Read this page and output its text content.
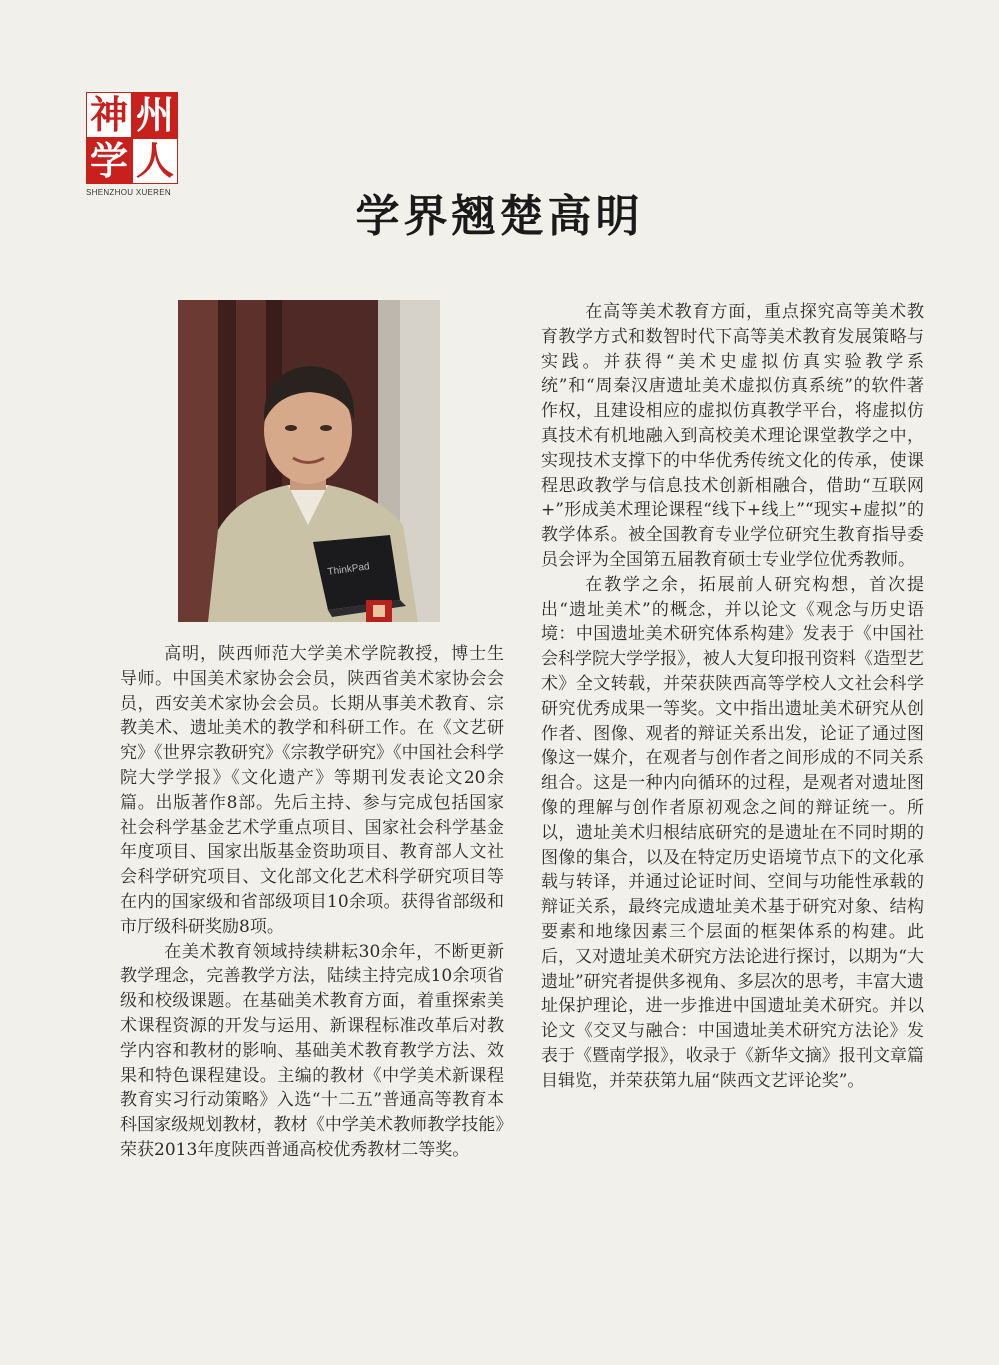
神 州
学 人
SHENZHOU XUEREN	学界翘楚高明
ThinkPad

高明，陕西师范大学美术学院教授，博士生导师。中国美术家协会会员，陕西省美术家协会会员，西安美术家协会会员。长期从事美术教育、宗教美术、遗址美术的教学和科研工作。在《文艺研究》《世界宗教研究》《宗教学研究》《中国社会科学院大学学报》《文化遗产》等期刊发表论文20余篇。出版著作8部。先后主持、参与完成包括国家社会科学基金艺术学重点项目、国家社会科学基金年度项目、国家出版基金资助项目、教育部人文社会科学研究项目、文化部文化艺术科学研究项目等在内的国家级和省部级项目10余项。获得省部级和市厅级科研奖励8项。

在美术教育领域持续耕耘30余年，不断更新教学理念，完善教学方法，陆续主持完成10余项省级和校级课题。在基础美术教育方面，着重探索美术课程资源的开发与运用、新课程标准改革后对教学内容和教材的影响、基础美术教育教学方法、效果和特色课程建设。主编的教材《中学美术新课程教育实习行动策略》入选“十二五”普通高等教育本科国家级规划教材，教材《中学美术教师教学技能》荣获2013年度陕西普通高校优秀教材二等奖。

在高等美术教育方面，重点探究高等美术教育教学方式和数智时代下高等美术教育发展策略与实践。并获得“美术史虚拟仿真实验教学系统”和“周秦汉唐遗址美术虚拟仿真系统”的软件著作权，且建设相应的虚拟仿真教学平台，将虚拟仿真技术有机地融入到高校美术理论课堂教学之中，实现技术支撑下的中华优秀传统文化的传承，使课程思政教学与信息技术创新相融合，借助“互联网+”形成美术理论课程“线下+线上”“现实+虚拟”的教学体系。被全国教育专业学位研究生教育指导委员会评为全国第五届教育硕士专业学位优秀教师。

在教学之余，拓展前人研究构想，首次提出“遗址美术”的概念，并以论文《观念与历史语境：中国遗址美术研究体系构建》发表于《中国社会科学院大学学报》，被人大复印报刊资料《造型艺术》全文转载，并荣获陕西高等学校人文社会科学研究优秀成果一等奖。文中指出遗址美术研究从创作者、图像、观者的辩证关系出发，论证了通过图像这一媒介，在观者与创作者之间形成的不同关系组合。这是一种内向循环的过程，是观者对遗址图像的理解与创作者原初观念之间的辩证统一。所以，遗址美术归根结底研究的是遗址在不同时期的图像的集合，以及在特定历史语境节点下的文化承载与转译，并通过论证时间、空间与功能性承载的辩证关系，最终完成遗址美术基于研究对象、结构要素和地缘因素三个层面的框架体系的构建。此后，又对遗址美术研究方法论进行探讨，以期为“大遗址”研究者提供多视角、多层次的思考，丰富大遗址保护理论，进一步推进中国遗址美术研究。并以论文《交叉与融合：中国遗址美术研究方法论》发表于《暨南学报》，收录于《新华文摘》报刊文章篇目辑览，并荣获第九届“陕西文艺评论奖”。
